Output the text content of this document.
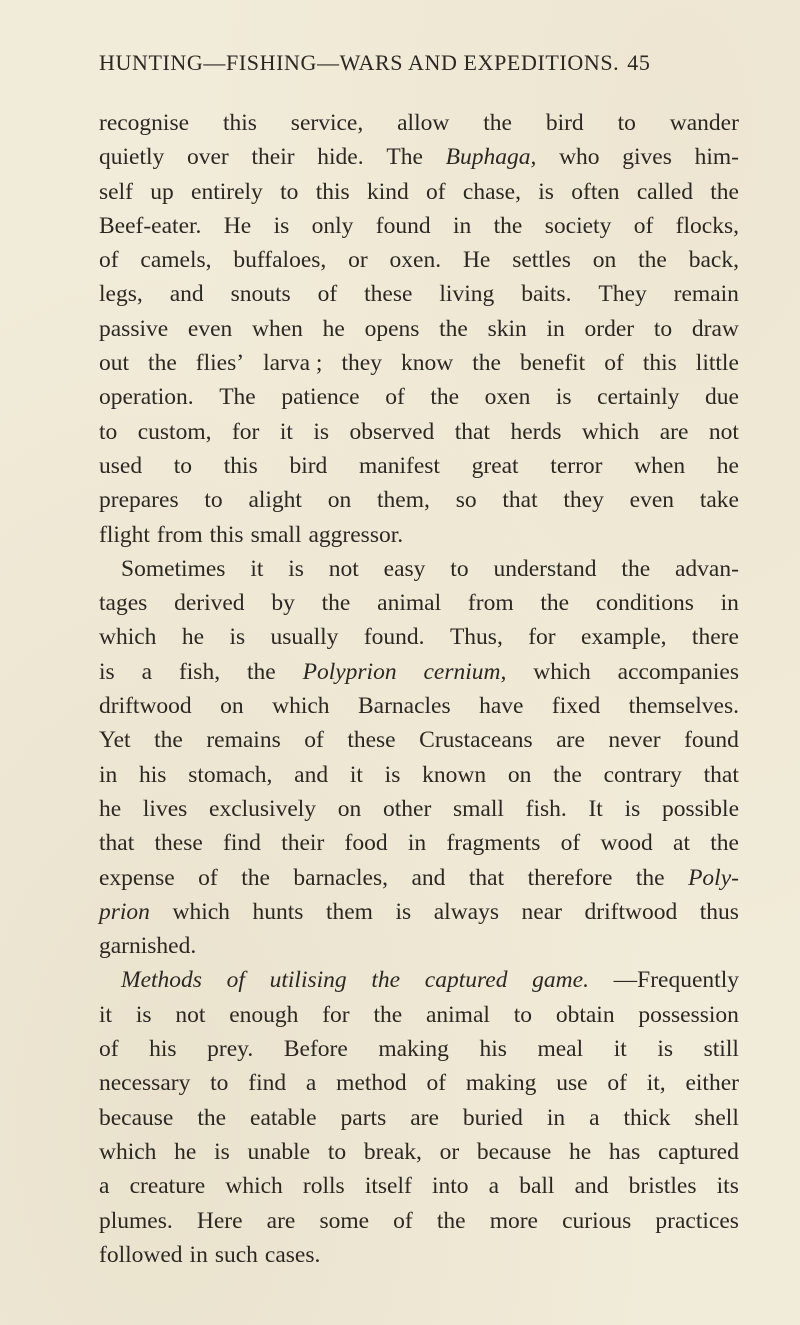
HUNTING—FISHING—WARS AND EXPEDITIONS. 45
recognise this service, allow the bird to wander
quietly over their hide. The Buphaga, who gives him-
self up entirely to this kind of chase, is often called the
Beef-eater. He is only found in the society of flocks,
of camels, buffaloes, or oxen. He settles on the back,
legs, and snouts of these living baits. They remain
passive even when he opens the skin in order to draw
out the flies’ larva ; they know the benefit of this little
operation. The patience of the oxen is certainly due
to custom, for it is observed that herds which are not
used to this bird manifest great terror when he
prepares to alight on them, so that they even take
flight from this small aggressor.
Sometimes it is not easy to understand the advan-
tages derived by the animal from the conditions in
which he is usually found. Thus, for example, there
is a fish, the Polyprion cernium, which accompanies
driftwood on which Barnacles have fixed themselves.
Yet the remains of these Crustaceans are never found
in his stomach, and it is known on the contrary that
he lives exclusively on other small fish. It is possible
that these find their food in fragments of wood at the
expense of the barnacles, and that therefore the Poly-
prion which hunts them is always near driftwood thus
garnished.
Methods of utilising the captured game. —Frequently
it is not enough for the animal to obtain possession
of his prey. Before making his meal it is still
necessary to find a method of making use of it, either
because the eatable parts are buried in a thick shell
which he is unable to break, or because he has captured
a creature which rolls itself into a ball and bristles its
plumes. Here are some of the more curious practices
followed in such cases.
